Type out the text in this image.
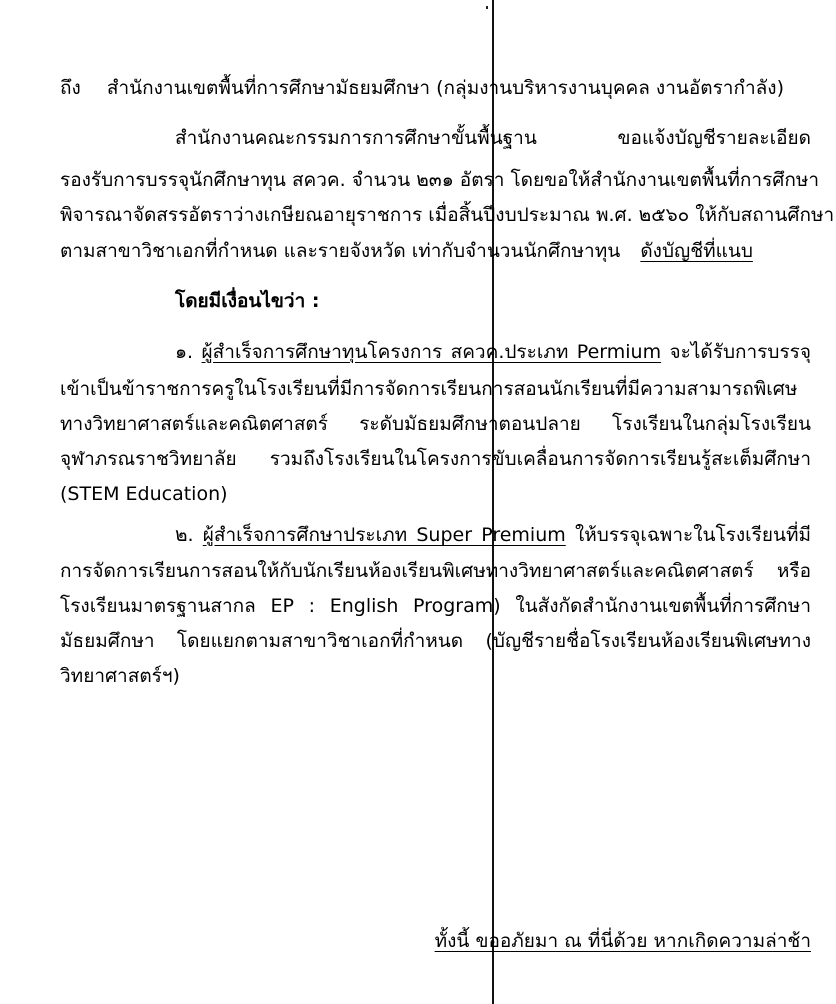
ถึง สำนักงานเขตพื้นที่การศึกษามัธยมศึกษา (กลุ่มงานบริหารงานบุคคล งานอัตรากำลัง)
สำนักงานคณะกรรมการการศึกษาขั้นพื้นฐาน ขอแจ้งบัญชีรายละเอียด
รองรับการบรรจุนักศึกษาทุน สควค. จำนวน ๒๓๑ อัตรา โดยขอให้สำนักงานเขตพื้นที่การศึกษา
พิจารณาจัดสรรอัตราว่างเกษียณอายุราชการ เมื่อสิ้นปีงบประมาณ พ.ศ. ๒๕๖๐ ให้กับสถานศึกษา
ตามสาขาวิชาเอกที่กำหนด และรายจังหวัด เท่ากับจำนวนนักศึกษาทุน ดังบัญชีที่แนบ
โดยมีเงื่อนไขว่า :
๑. ผู้สำเร็จการศึกษาทุนโครงการ สควค.ประเภท Permium จะได้รับการบรรจุ
เข้าเป็นข้าราชการครูในโรงเรียนที่มีการจัดการเรียนการสอนนักเรียนที่มีความสามารถพิเศษ
ทางวิทยาศาสตร์และคณิตศาสตร์ ระดับมัธยมศึกษาตอนปลาย โรงเรียนในกลุ่มโรงเรียน
จุฬาภรณราชวิทยาลัย รวมถึงโรงเรียนในโครงการขับเคลื่อนการจัดการเรียนรู้สะเต็มศึกษา
(STEM Education)
๒. ผู้สำเร็จการศึกษาประเภท Super Premium ให้บรรจุเฉพาะในโรงเรียนที่มี
การจัดการเรียนการสอนให้กับนักเรียนห้องเรียนพิเศษทางวิทยาศาสตร์และคณิตศาสตร์ หรือ
โรงเรียนมาตรฐานสากล EP : English Program) ในสังกัดสำนักงานเขตพื้นที่การศึกษา
มัธยมศึกษา โดยแยกตามสาขาวิชาเอกที่กำหนด (บัญชีรายชื่อโรงเรียนห้องเรียนพิเศษทาง
วิทยาศาสตร์ฯ)
ทั้งนี้ ขออภัยมา ณ ที่นี่ด้วย หากเกิดความล่าช้า
